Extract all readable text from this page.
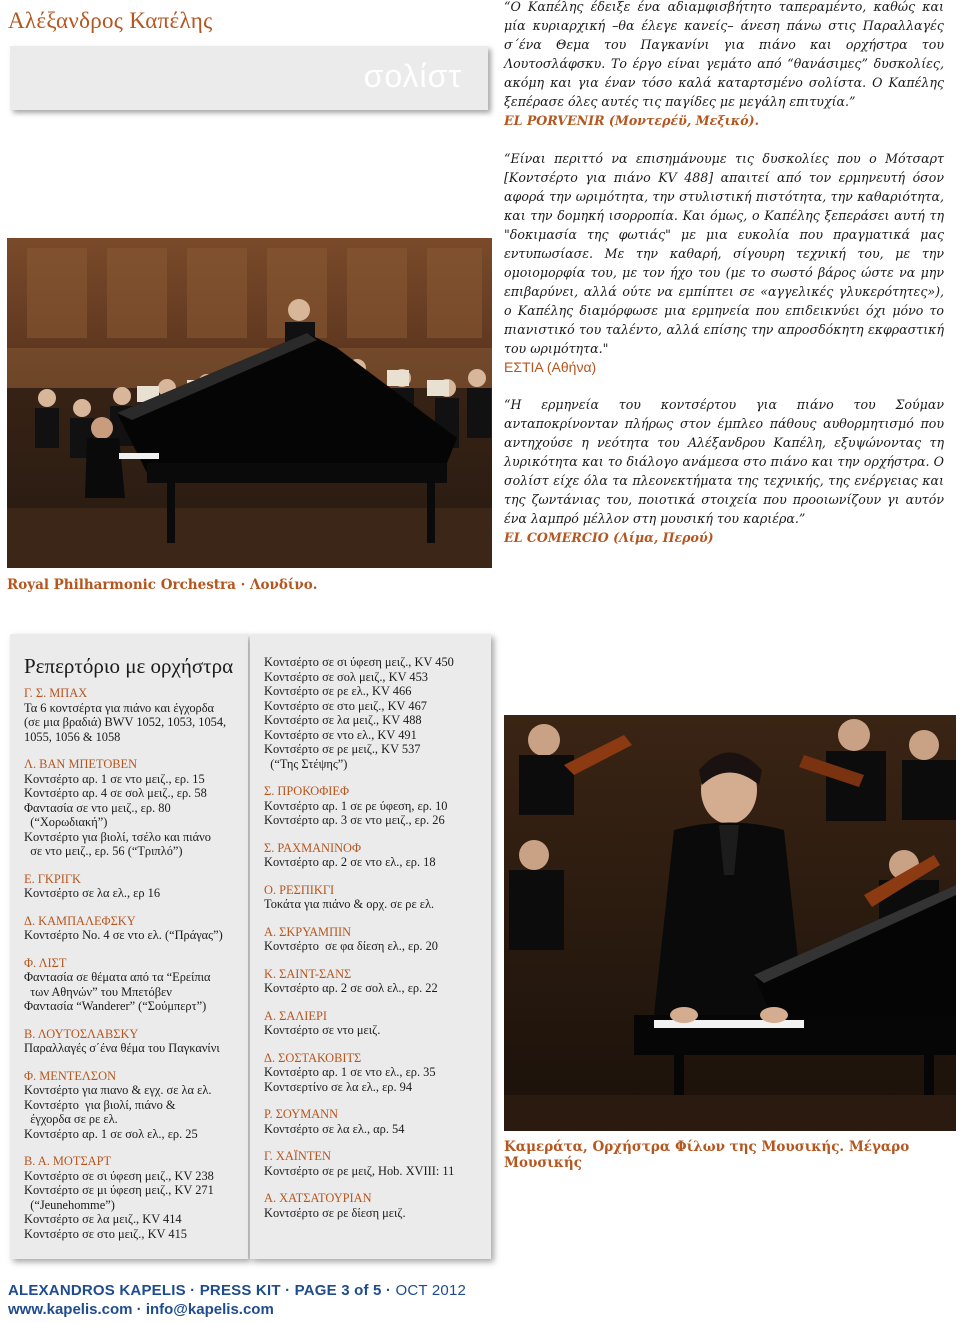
Αλέξανδρος Καπέλης
σολίστ
Royal Philharmonic Orchestra · Λονδίνο.
“Ο Καπέλης έδειξε ένα αδιαμφισβήτητο ταπεραμέντο, καθώς και μία κυριαρχική –θα έλεγε κανείς– άνεση πάνω στις Παραλλαγές σ΄ένα Θεμα του Παγκανίνι για πιάνο και ορχήστρα του Λουτοσλάφσκυ. Το έργο είναι γεμάτο από “θανάσιμες” δυσκολίες, ακόμη και για έναν τόσο καλά καταρτσμένο σολίστα. Ο Καπέλης ξεπέρασε όλες αυτές τις παγίδες με μεγάλη επιτυχία.”
EL PORVENIR (Μοντερέϋ, Μεξικό).
“Είναι περιττό να επισημάνουμε τις δυσκολίες που ο Μότσαρτ [Κοντσέρτο για πιάνο KV 488] απαιτεί από τον ερμηνευτή όσον αφορά την ωριμότητα, την στυλιστική πιστότητα, την καθαριότητα, και την δομηκή ισορροπία. Και όμως, ο Καπέλης ξεπεράσει αυτή τη "δοκιμασία της φωτιάς" με μια ευκολία που πραγματικά μας εντυπωσίασε. Με την καθαρή, σίγουρη τεχνική του, με την ομοιομορφία του, με τον ήχο του (με το σωστό βάρος ώστε να μην επιβαρύνει, αλλά ούτε να εμπίπτει σε «αγγελικές γλυκερότητες»), ο Καπέλης διαμόρφωσε μια ερμηνεία που επιδεικνύει όχι μόνο το πιανιστικό του ταλέντο, αλλά επίσης την απροσδόκητη εκφραστική του ωριμότητα."
ΕΣΤΙΑ (Αθήνα)
“Η ερμηνεία του κοντσέρτου για πιάνο του Σούμαν ανταποκρίνονταν πλήρως στον έμπλεο πάθους αυθορμητισμό που αντηχούσε η νεότητα του Αλέξανδρου Καπέλη, εξυψώνοντας τη λυρικότητα και το διάλογο ανάμεσα στο πιάνο και την ορχήστρα. Ο σολίστ είχε όλα τα πλεονεκτήματα της τεχνικής, της ενέργειας και της ζωντάνιας του, ποιοτικά στοιχεία που προοιωνίζουν γι αυτόν ένα λαμπρό μέλλον στη μουσική του καριέρα.”
EL COMERCIO (Λίμα, Περού)
Ρεπερτόριο με ορχήστρα
Γ. Σ. ΜΠΑΧ
Τα 6 κοντσέρτα για πιάνο και έγχορδα
(σε μια βραδιά) BWV 1052, 1053, 1054,
1055, 1056 & 1058
Λ. ΒΑΝ ΜΠΕΤΟΒΕΝ
Κοντσέρτο αρ. 1 σε ντο μειζ., ερ. 15
Κοντσέρτο αρ. 4 σε σολ μειζ., ερ. 58
Φαντασία σε ντο μειζ., ερ. 80
(“Χορωδιακή”)
Κοντσέρτο για βιολί, τσέλο και πιάνο
σε ντο μειζ., ερ. 56 (“Τριπλό”)
Ε. ΓΚΡΙΓΚ
Κοντσέρτο σε λα ελ., ερ 16
Δ. ΚΑΜΠΑΛΕΦΣΚΥ
Κοντσέρτο Νο. 4 σε ντο ελ. (“Πράγας”)
Φ. ΛΙΣΤ
Φαντασία σε θέματα από τα “Ερείπια
των Αθηνών” του Μπετόβεν
Φαντασία “Wanderer” (“Σούμπερτ”)
Β. ΛΟΥΤΟΣΛΑΒΣΚΥ
Παραλλαγές σ΄ένα θέμα του Παγκανίνι
Φ. ΜΕΝΤΕΛΣΟΝ
Κοντσέρτο για πιανο & εγχ. σε λα ελ.
Κοντσέρτο  για βιολί, πιάνο &
έγχορδα σε ρε ελ.
Κοντσέρτο αρ. 1 σε σολ ελ., ερ. 25
Β. Α. ΜΟΤΣΑΡΤ
Κοντσέρτο σε σι ύφεση μειζ., KV 238
Κοντσέρτο σε μι ύφεση μειζ., KV 271
(“Jeunehomme”)
Κοντσέρτο σε λα μειζ., KV 414
Κοντσέρτο σε στο μειζ., KV 415
Κοντσέρτο σε σι ύφεση μειζ., KV 450
Κοντσέρτο σε σολ μειζ., KV 453
Κοντσέρτο σε ρε ελ., KV 466
Κοντσέρτο σε στο μειζ., KV 467
Κοντσέρτο σε λα μειζ., KV 488
Κοντσέρτο σε ντο ελ., KV 491
Κοντσέρτο σε ρε μειζ., KV 537
(“Της Στέψης”)
Σ. ΠΡΟΚΟΦΙΕΦ
Κοντσέρτο αρ. 1 σε ρε ύφεση, ερ. 10
Κοντσέρτο αρ. 3 σε ντο μειζ., ερ. 26
Σ. ΡΑΧΜΑΝΙΝΟΦ
Κοντσέρτο αρ. 2 σε ντο ελ., ερ. 18
Ο. ΡΕΣΠΙΚΓΙ
Τοκάτα για πιάνο & ορχ. σε ρε ελ.
Α. ΣΚΡΥΑΜΠΙΝ
Κοντσέρτο  σε φα δίεση ελ., ερ. 20
Κ. ΣΑΙΝΤ-ΣΑΝΣ
Κοντσέρτο αρ. 2 σε σολ ελ., ερ. 22
Α. ΣΑΛΙΕΡΙ
Κοντσέρτο σε ντο μειζ.
Δ. ΣΟΣΤΑΚΟΒΙΤΣ
Κοντσέρτο αρ. 1 σε ντο ελ., ερ. 35
Κοντσερτίνο σε λα ελ., ερ. 94
Ρ. ΣΟΥΜΑΝΝ
Κοντσέρτο σε λα ελ., αρ. 54
Γ. ΧΑΪΝΤΕΝ
Κοντσέρτο σε ρε μειζ, Hob. XVIII: 11
Α. ΧΑΤΣΑΤΟΥΡΙΑΝ
Κοντσέρτο σε ρε δίεση μειζ.
Καμεράτα, Ορχήστρα Φίλων της Μουσικής. Μέγαρο Μουσικής
ALEXANDROS KAPELIS · PRESS KIT · PAGE 3 of 5 · OCT 2012
www.kapelis.com · info@kapelis.com
